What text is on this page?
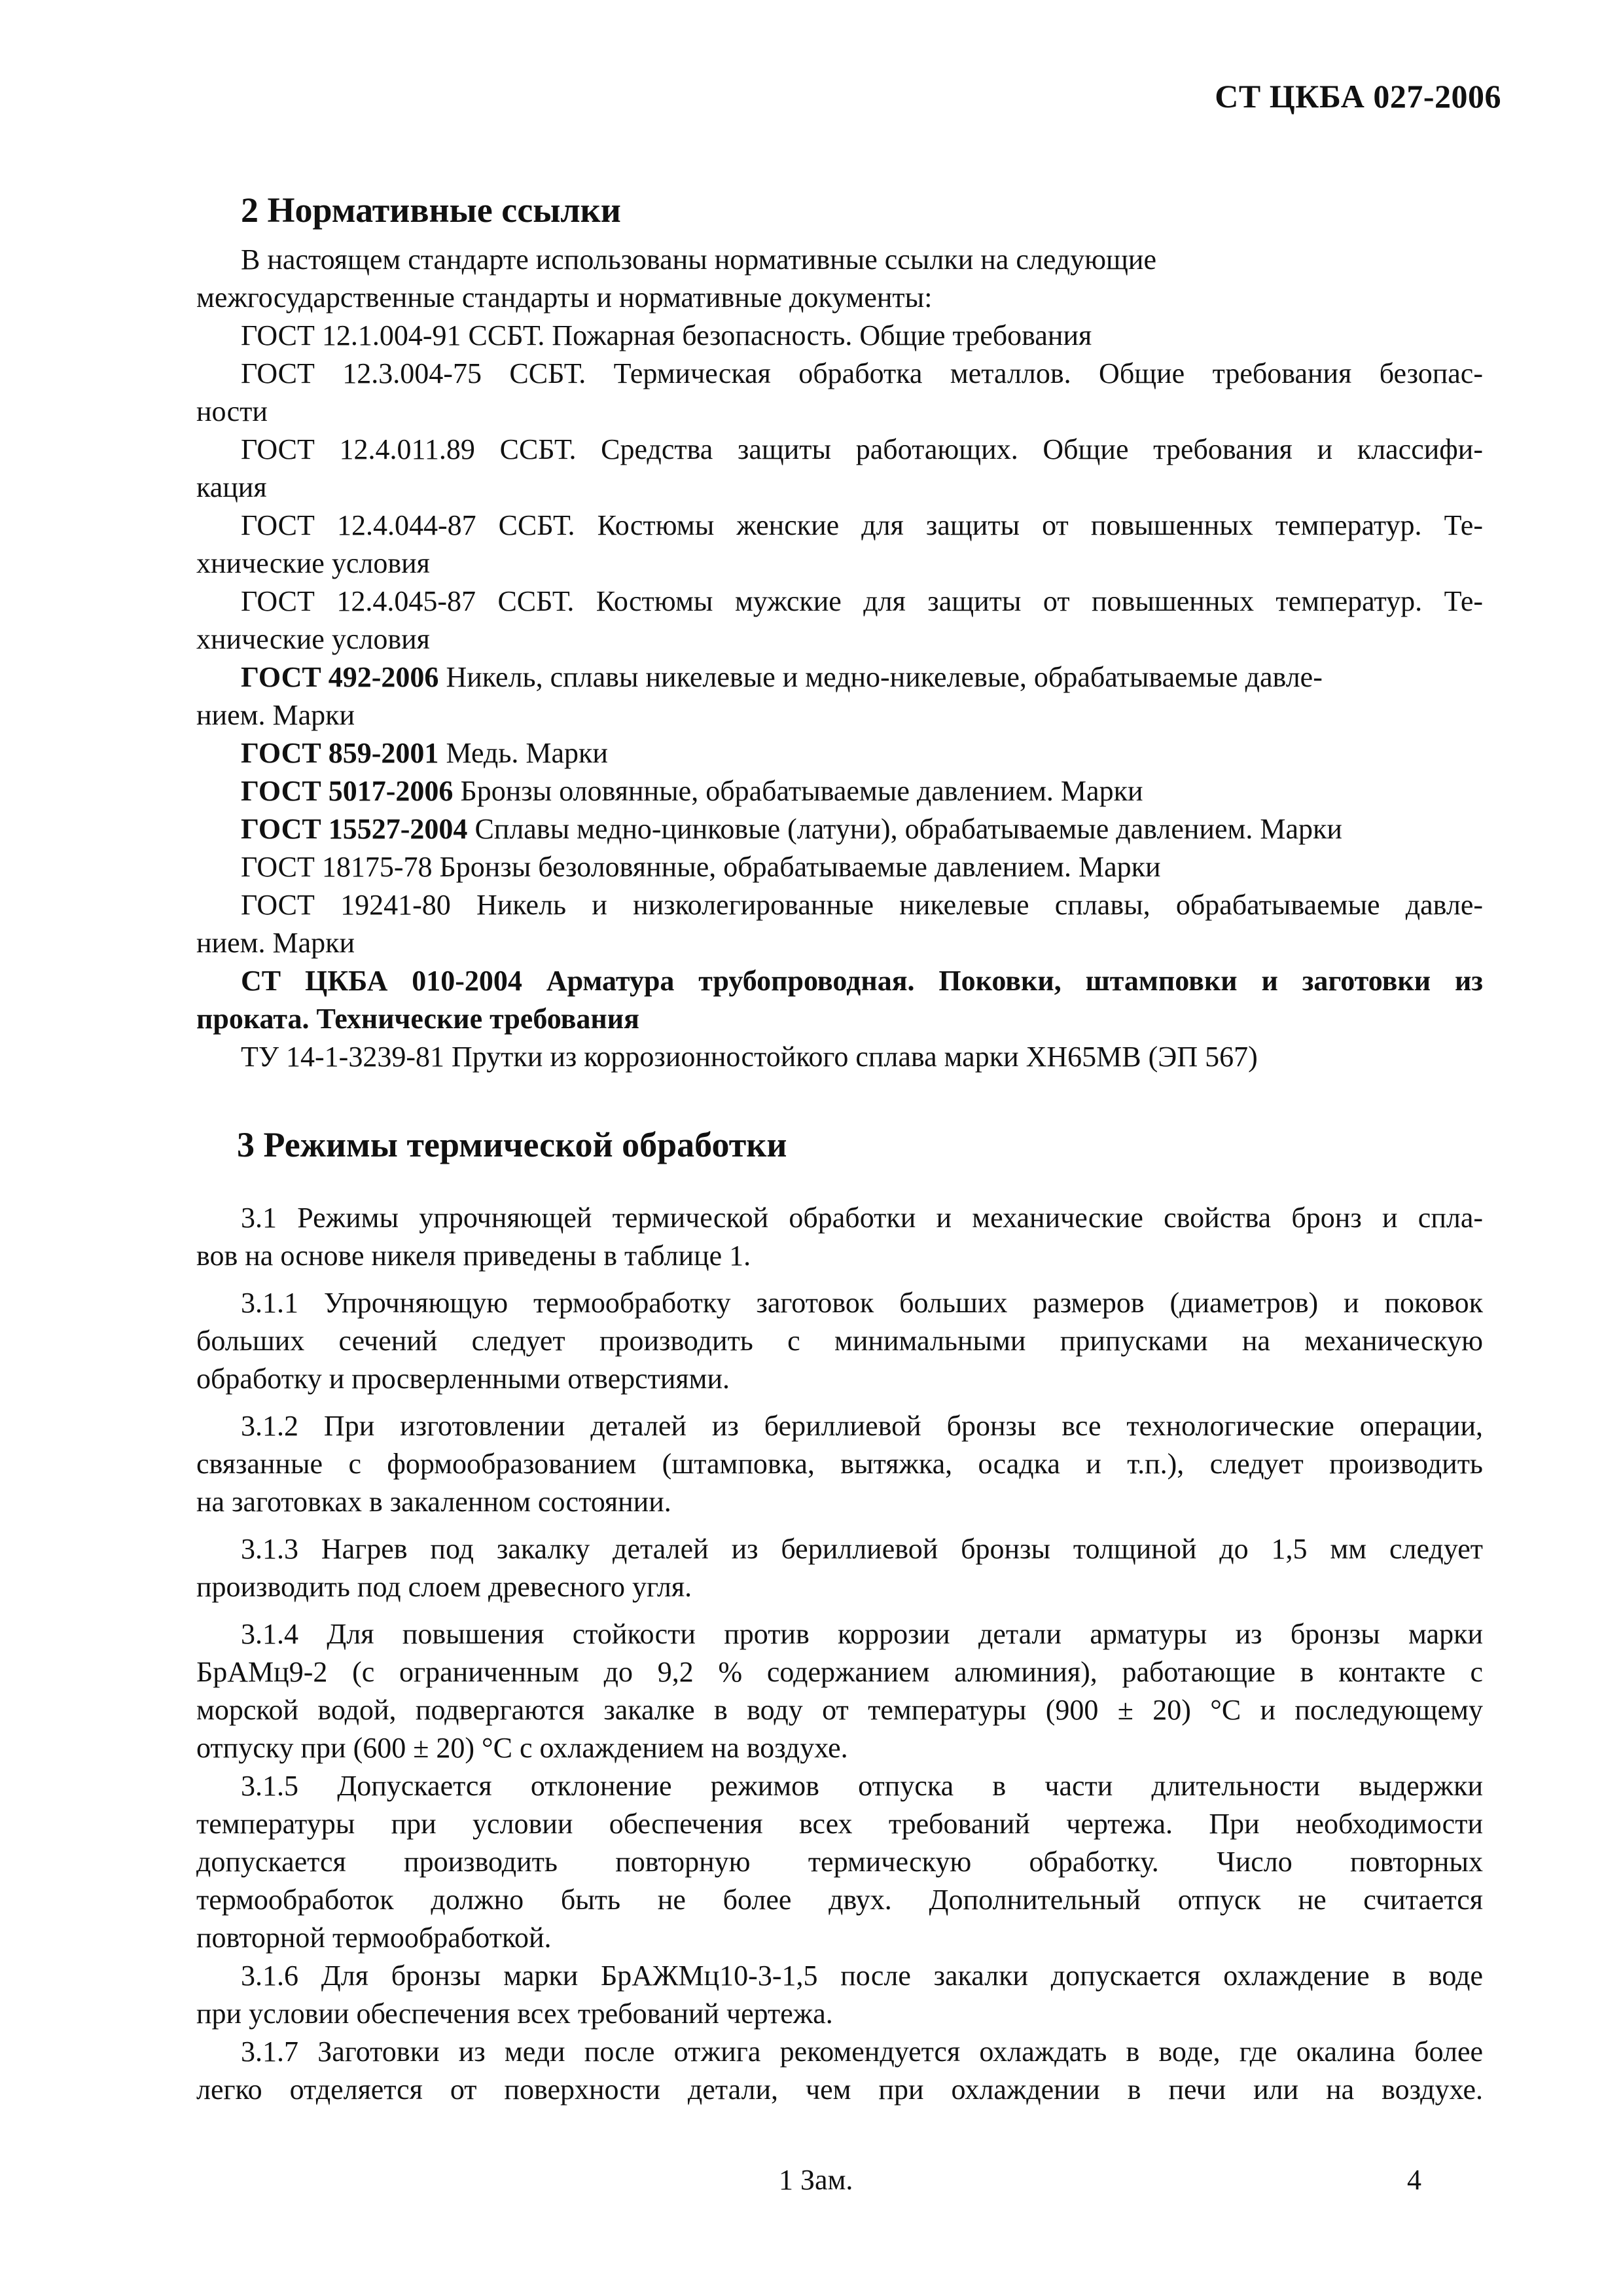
СТ ЦКБА 027-2006
2 Нормативные ссылки
В настоящем стандарте использованы нормативные ссылки на следующие
межгосударственные стандарты и нормативные документы:
ГОСТ 12.1.004-91 ССБТ. Пожарная безопасность. Общие требования
ГОСТ 12.3.004-75 ССБТ. Термическая обработка металлов. Общие требования безопас-
ности
ГОСТ 12.4.011.89 ССБТ. Средства защиты работающих. Общие требования и классифи-
кация
ГОСТ 12.4.044-87 ССБТ. Костюмы женские для защиты от повышенных температур. Те-
хнические условия
ГОСТ 12.4.045-87 ССБТ. Костюмы мужские для защиты от повышенных температур. Те-
хнические условия
ГОСТ 492-2006 Никель, сплавы никелевые и медно-никелевые, обрабатываемые давле-
нием. Марки
ГОСТ 859-2001 Медь. Марки
ГОСТ 5017-2006 Бронзы оловянные, обрабатываемые давлением. Марки
ГОСТ 15527-2004 Сплавы медно-цинковые (латуни), обрабатываемые давлением. Марки
ГОСТ 18175-78 Бронзы безоловянные, обрабатываемые давлением. Марки
ГОСТ 19241-80 Никель и низколегированные никелевые сплавы, обрабатываемые давле-
нием. Марки
СТ ЦКБА 010-2004 Арматура трубопроводная. Поковки, штамповки и заготовки из
проката. Технические требования
ТУ 14-1-3239-81 Прутки из коррозионностойкого сплава марки ХН65МВ (ЭП 567)
3 Режимы термической обработки
3.1 Режимы упрочняющей термической обработки и механические свойства бронз и спла-
вов на основе никеля приведены в таблице 1.
3.1.1 Упрочняющую термообработку заготовок больших размеров (диаметров) и поковок
больших сечений следует производить с минимальными припусками на механическую
обработку и просверленными отверстиями.
3.1.2 При изготовлении деталей из бериллиевой бронзы все технологические операции,
связанные с формообразованием (штамповка, вытяжка, осадка и т.п.), следует производить
на заготовках в закаленном состоянии.
3.1.3 Нагрев под закалку деталей из бериллиевой бронзы толщиной до 1,5 мм следует
производить под слоем древесного угля.
3.1.4 Для повышения стойкости против коррозии детали арматуры из бронзы марки
БрАМц9-2 (с ограниченным до 9,2 % содержанием алюминия), работающие в контакте с
морской водой, подвергаются закалке в воду от температуры (900 ± 20) °С и последующему
отпуску при (600 ± 20) °С с охлаждением на воздухе.
3.1.5 Допускается отклонение режимов отпуска в части длительности выдержки
температуры при условии обеспечения всех требований чертежа. При необходимости
допускается производить повторную термическую обработку. Число повторных
термообработок должно быть не более двух. Дополнительный отпуск не считается
повторной термообработкой.
3.1.6 Для бронзы марки БрАЖМц10-3-1,5 после закалки допускается охлаждение в воде
при условии обеспечения всех требований чертежа.
3.1.7 Заготовки из меди после отжига рекомендуется охлаждать в воде, где окалина более
легко отделяется от поверхности детали, чем при охлаждении в печи или на воздухе.
1 Зам.	4
